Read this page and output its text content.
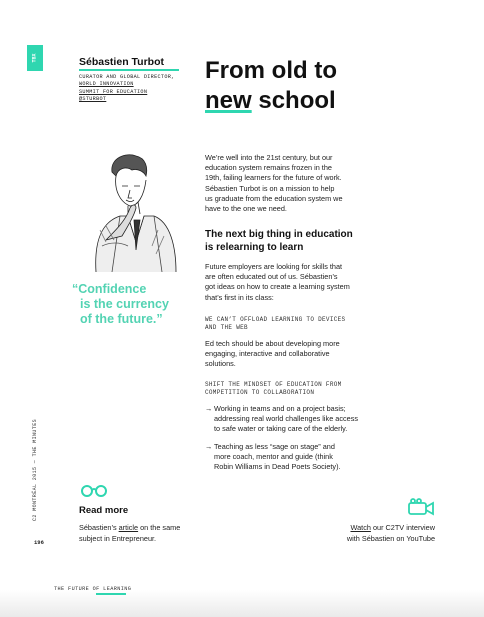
TBX	Sébastien Turbot
CURATOR AND GLOBAL DIRECTOR,
WORLD INNOVATION
SUMMIT FOR EDUCATION
@STURBOT
From old to
new school
“Confidence
is the currency
of the future.”
We’re well into the 21st century, but our
education system remains frozen in the
19th, failing learners for the future of work.
Sébastien Turbot is on a mission to help
us graduate from the education system we
have to the one we need.
The next big thing in education
is relearning to learn
Future employers are looking for skills that
are often educated out of us. Sébastien’s
got ideas on how to create a learning system
that’s first in its class:
WE CAN’T OFFLOAD LEARNING TO DEVICES
AND THE WEB
Ed tech should be about developing more
engaging, interactive and collaborative
solutions.
SHIFT THE MINDSET OF EDUCATION FROM
COMPETITION TO COLLABORATION
→ Working in teams and on a project basis;
addressing real world challenges like access
to safe water or taking care of the elderly.
→ Teaching as less “sage on stage” and
more coach, mentor and guide (think
Robin Williams in Dead Poets Society).
C2 MONTRÉAL 2015 — THE MINUTES
196
Read more
Sébastien’s article on the same
subject in Entrepreneur.
Watch our C2TV interview
with Sébastien on YouTube
THE FUTURE OF LEARNING
